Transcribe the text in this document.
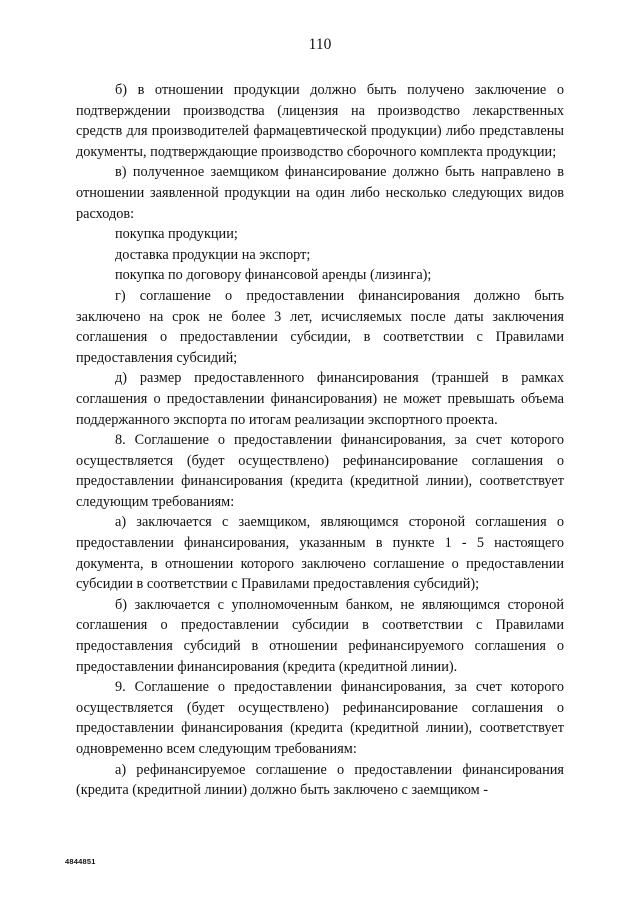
110

б) в отношении продукции должно быть получено заключение о подтверждении производства (лицензия на производство лекарственных средств для производителей фармацевтической продукции) либо представлены документы, подтверждающие производство сборочного комплекта продукции;

в) полученное заемщиком финансирование должно быть направлено в отношении заявленной продукции на один либо несколько следующих видов расходов:

покупка продукции;

доставка продукции на экспорт;

покупка по договору финансовой аренды (лизинга);

г) соглашение о предоставлении финансирования должно быть заключено на срок не более 3 лет, исчисляемых после даты заключения соглашения о предоставлении субсидии, в соответствии с Правилами предоставления субсидий;

д) размер предоставленного финансирования (траншей в рамках соглашения о предоставлении финансирования) не может превышать объема поддержанного экспорта по итогам реализации экспортного проекта.

8. Соглашение о предоставлении финансирования, за счет которого осуществляется (будет осуществлено) рефинансирование соглашения о предоставлении финансирования (кредита (кредитной линии), соответствует следующим требованиям:

а) заключается с заемщиком, являющимся стороной соглашения о предоставлении финансирования, указанным в пункте 1 - 5 настоящего документа, в отношении которого заключено соглашение о предоставлении субсидии в соответствии с Правилами предоставления субсидий);

б) заключается с уполномоченным банком, не являющимся стороной соглашения о предоставлении субсидии в соответствии с Правилами предоставления субсидий в отношении рефинансируемого соглашения о предоставлении финансирования (кредита (кредитной линии).

9. Соглашение о предоставлении финансирования, за счет которого осуществляется (будет осуществлено) рефинансирование соглашения о предоставлении финансирования (кредита (кредитной линии), соответствует одновременно всем следующим требованиям:

а) рефинансируемое соглашение о предоставлении финансирования (кредита (кредитной линии) должно быть заключено с заемщиком -

4844851
